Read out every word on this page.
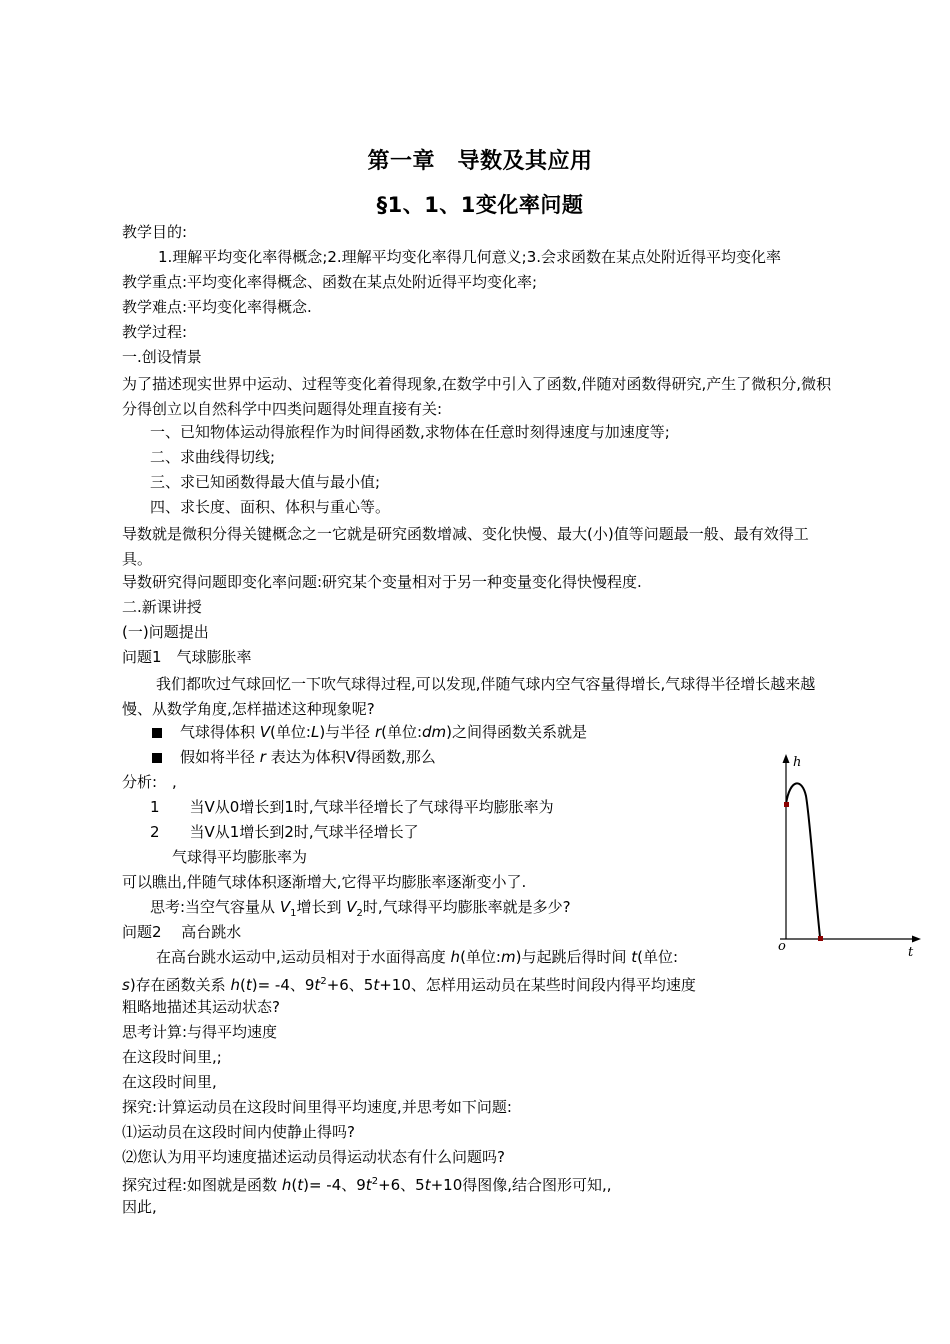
第一章　导数及其应用
§1、1、1变化率问题
教学目的:
1.理解平均变化率得概念;2.理解平均变化率得几何意义;3.会求函数在某点处附近得平均变化率
教学重点:平均变化率得概念、函数在某点处附近得平均变化率;
教学难点:平均变化率得概念.
教学过程:
一.创设情景
为了描述现实世界中运动、过程等变化着得现象,在数学中引入了函数,伴随对函数得研究,产生了微积分,微积分得创立以自然科学中四类问题得处理直接有关:
一、已知物体运动得旅程作为时间得函数,求物体在任意时刻得速度与加速度等;
二、求曲线得切线;
三、求已知函数得最大值与最小值;
四、求长度、面积、体积与重心等。
导数就是微积分得关键概念之一它就是研究函数增减、变化快慢、最大(小)值等问题最一般、最有效得工具。
导数研究得问题即变化率问题:研究某个变量相对于另一种变量变化得快慢程度.
二.新课讲授
(一)问题提出
问题1　气球膨胀率
我们都吹过气球回忆一下吹气球得过程,可以发现,伴随气球内空气容量得增长,气球得半径增长越来越慢、从数学角度,怎样描述这种现象呢?
气球得体积 V(单位:L)与半径 r(单位:dm)之间得函数关系就是
假如将半径 r 表达为体积V得函数,那么
分析:　,
1　　当V从0增长到1时,气球半径增长了气球得平均膨胀率为
2　　当V从1增长到2时,气球半径增长了
气球得平均膨胀率为
可以瞧出,伴随气球体积逐渐增大,它得平均膨胀率逐渐变小了.
思考:当空气容量从 $V_1$增长到 $V_2$时,气球得平均膨胀率就是多少?
问题2　 高台跳水
在高台跳水运动中,运动员相对于水面得高度 h(单位:m)与起跳后得时间 t(单位:
s)存在函数关系 h(t)= -4、$9t^2+6$、5t+10、怎样用运动员在某些时间段内得平均速度
粗略地描述其运动状态?
思考计算:与得平均速度
在这段时间里,;
在这段时间里,
探究:计算运动员在这段时间里得平均速度,并思考如下问题:
⑴运动员在这段时间内使静止得吗?
⑵您认为用平均速度描述运动员得运动状态有什么问题吗?
探究过程:如图就是函数 h(t)= -4、$9t^2+6$、5t+10得图像,结合图形可知,,
因此,
h
t
o
